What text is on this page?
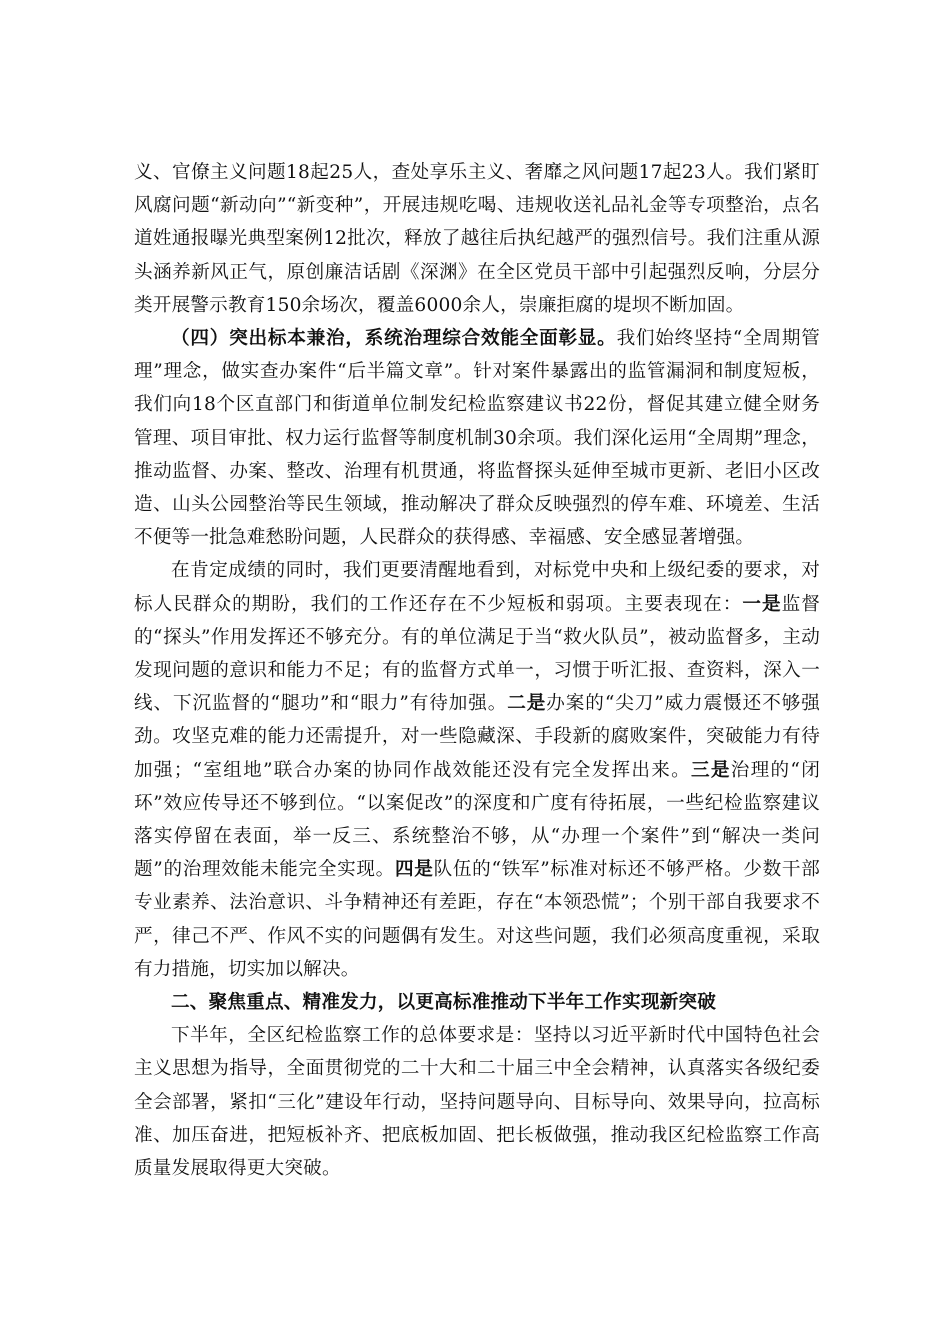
义、官僚主义问题18起25人，查处享乐主义、奢靡之风问题17起23人。我们紧盯风腐问题“新动向”“新变种”，开展违规吃喝、违规收送礼品礼金等专项整治，点名道姓通报曝光典型案例12批次，释放了越往后执纪越严的强烈信号。我们注重从源头涵养新风正气，原创廉洁话剧《深渊》在全区党员干部中引起强烈反响，分层分类开展警示教育150余场次，覆盖6000余人，崇廉拒腐的堤坝不断加固。

（四）突出标本兼治，系统治理综合效能全面彰显。我们始终坚持“全周期管理”理念，做实查办案件“后半篇文章”。针对案件暴露出的监管漏洞和制度短板，我们向18个区直部门和街道单位制发纪检监察建议书22份，督促其建立健全财务管理、项目审批、权力运行监督等制度机制30余项。我们深化运用“全周期”理念，推动监督、办案、整改、治理有机贯通，将监督探头延伸至城市更新、老旧小区改造、山头公园整治等民生领域，推动解决了群众反映强烈的停车难、环境差、生活不便等一批急难愁盼问题，人民群众的获得感、幸福感、安全感显著增强。

在肯定成绩的同时，我们更要清醒地看到，对标党中央和上级纪委的要求，对标人民群众的期盼，我们的工作还存在不少短板和弱项。主要表现在：一是监督的“探头”作用发挥还不够充分。有的单位满足于当“救火队员”，被动监督多，主动发现问题的意识和能力不足；有的监督方式单一，习惯于听汇报、查资料，深入一线、下沉监督的“腿功”和“眼力”有待加强。二是办案的“尖刀”威力震慑还不够强劲。攻坚克难的能力还需提升，对一些隐藏深、手段新的腐败案件，突破能力有待加强；“室组地”联合办案的协同作战效能还没有完全发挥出来。三是治理的“闭环”效应传导还不够到位。“以案促改”的深度和广度有待拓展，一些纪检监察建议落实停留在表面，举一反三、系统整治不够，从“办理一个案件”到“解决一类问题”的治理效能未能完全实现。四是队伍的“铁军”标准对标还不够严格。少数干部专业素养、法治意识、斗争精神还有差距，存在“本领恐慌”；个别干部自我要求不严，律己不严、作风不实的问题偶有发生。对这些问题，我们必须高度重视，采取有力措施，切实加以解决。

二、聚焦重点、精准发力，以更高标准推动下半年工作实现新突破

下半年，全区纪检监察工作的总体要求是：坚持以习近平新时代中国特色社会主义思想为指导，全面贯彻党的二十大和二十届三中全会精神，认真落实各级纪委全会部署，紧扣“三化”建设年行动，坚持问题导向、目标导向、效果导向，拉高标准、加压奋进，把短板补齐、把底板加固、把长板做强，推动我区纪检监察工作高质量发展取得更大突破。
